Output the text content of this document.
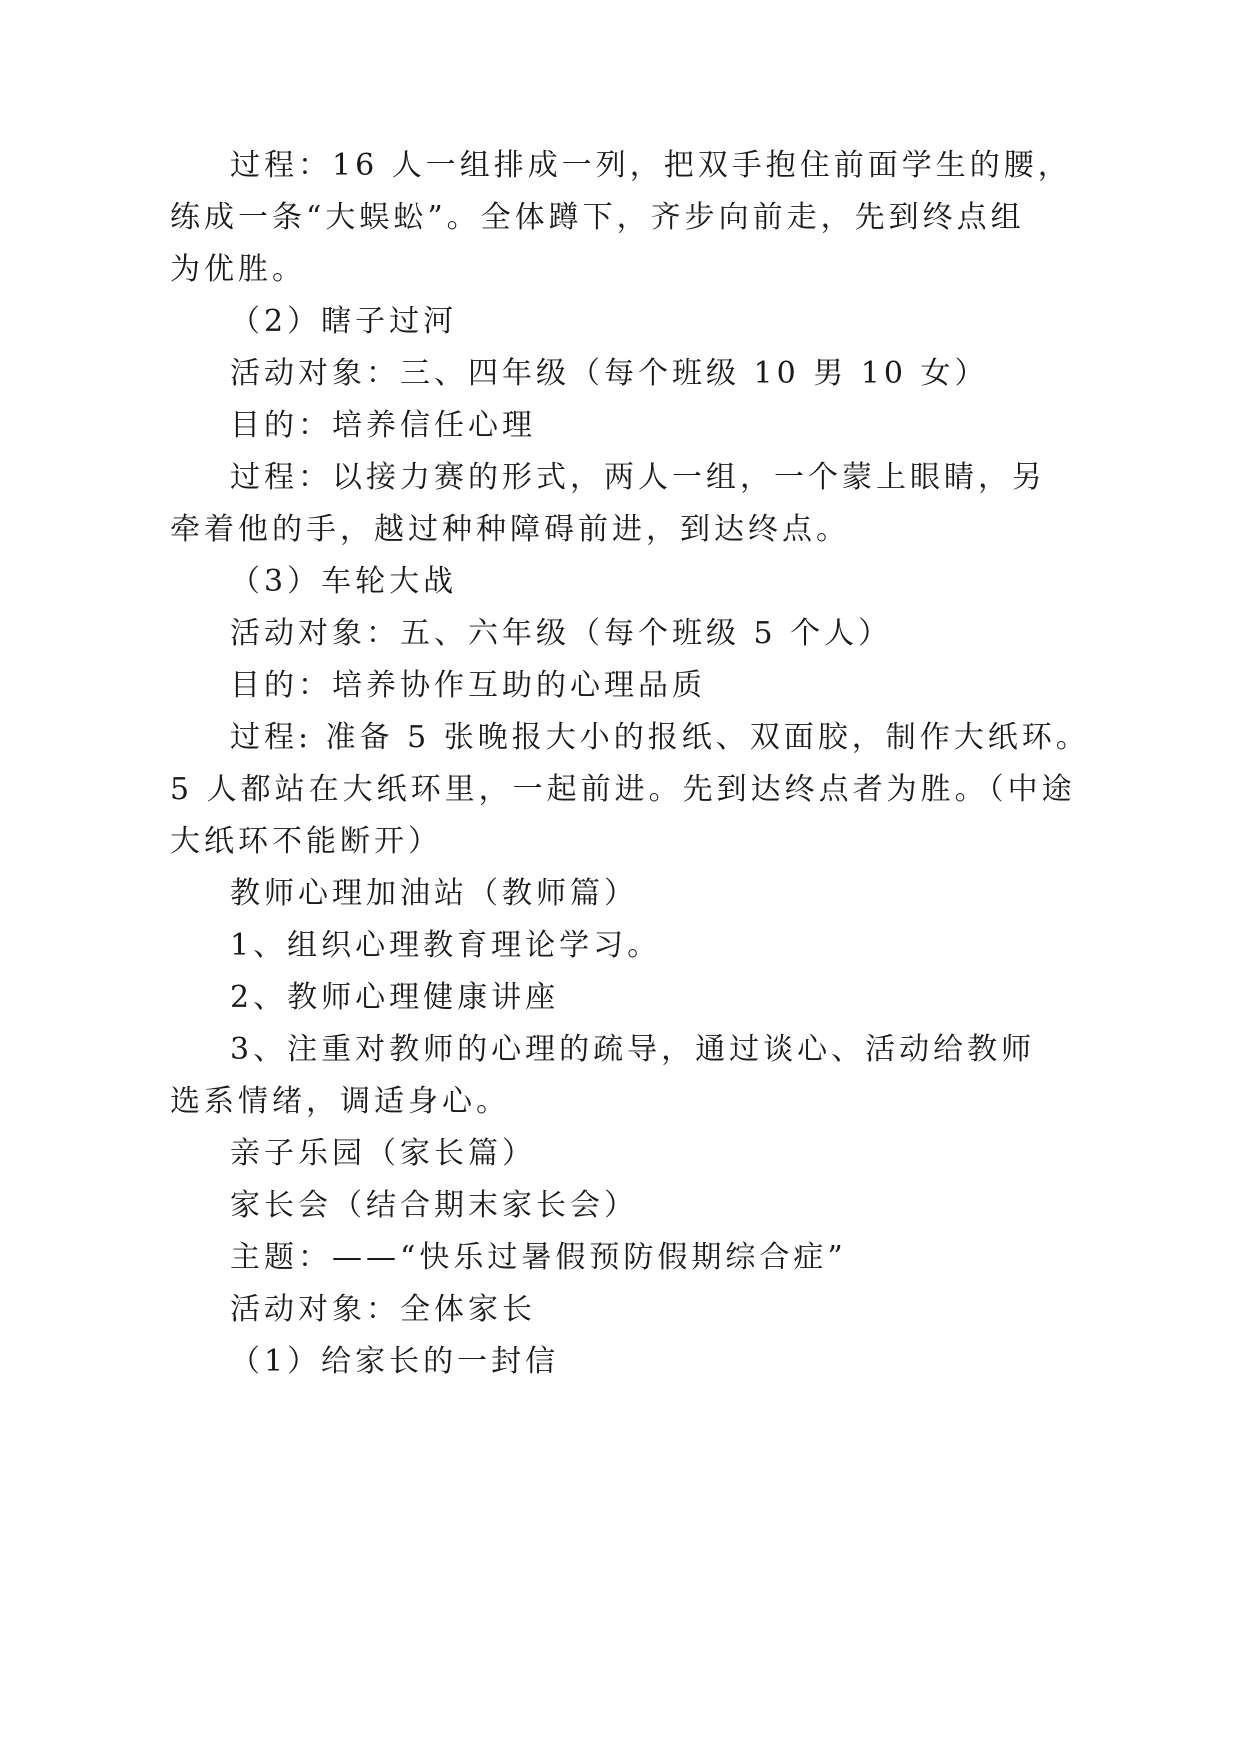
过程：16 人一组排成一列，把双手抱住前面学生的腰，

练成一条“大蜈蚣”。全体蹲下，齐步向前走，先到终点组

为优胜。

（2）瞎子过河

活动对象：三、四年级（每个班级 10 男 10 女）

目的：培养信任心理

过程：以接力赛的形式，两人一组，一个蒙上眼睛，另

牵着他的手，越过种种障碍前进，到达终点。

（3）车轮大战

活动对象：五、六年级（每个班级 5 个人）

目的：培养协作互助的心理品质

过程: 准备 5 张晚报大小的报纸、双面胶，制作大纸环。

5 人都站在大纸环里，一起前进。先到达终点者为胜。（中途

大纸环不能断开）

教师心理加油站（教师篇）

1、组织心理教育理论学习。

2、教师心理健康讲座

3、注重对教师的心理的疏导，通过谈心、活动给教师

选系情绪，调适身心。

亲子乐园（家长篇）

家长会（结合期末家长会）

主题：——“快乐过暑假预防假期综合症”

活动对象：全体家长

（1）给家长的一封信
